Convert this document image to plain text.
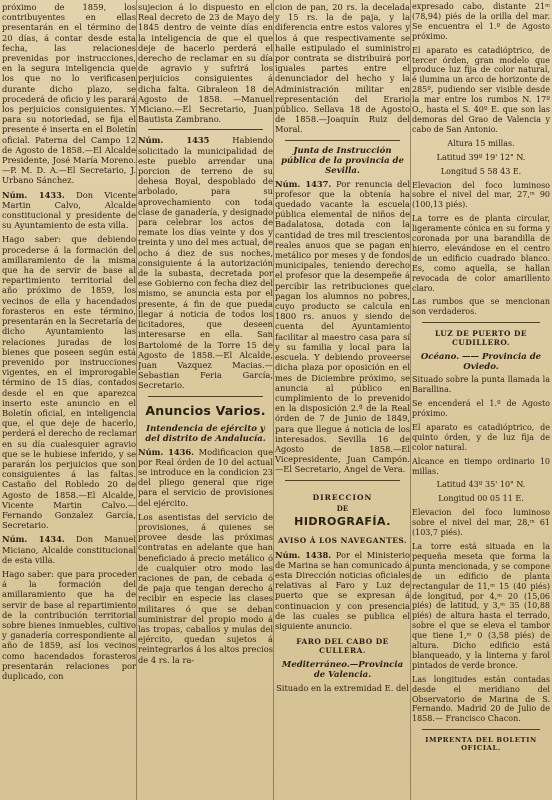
próximo de 1859, los contribuyentes en ellas presentarán en el término de 20 días, á contar desde esta fecha, las relaciones prevenidas por instrucciones, en la segura inteligencia que los que no lo verificasen durante dicho plazo, se procederá de oficio y les parará los perjuicios consiguientes. Y para su notoriedad, se fija el presente é inserta en el Boletín oficial. Paterna del Campo 12 de Agosto de 1858.—El Alcalde Presidente, José María Moreno.—P. M. D. A.—El Secretario, J. Urbano Sánchez.

Núm. 1433. Don Vicente Martin Calvo, Alcalde constitucional y presidente de su Ayuntamiento de esta villa.

Hago saber: que debiendo procederse á la formación del amillaramiento de la misma que ha de servir de base al repartimiento territorial del año próximo de 1859, los vecinos de ella y hacendados forasteros en este término, presentarán en la Secretaría de dicho Ayuntamiento las relaciones juradas de los bienes que poseen según está prevenido por instrucciones vigentes, en el improrogable término de 15 días, contados desde el en que aparezca inserto este anuncio en el Boletín oficial, en inteligencia que, el que deje de hacerlo, perderá el derecho de reclamar en su día cualesquier agravio que se le hubiese inferido, y se pararán los perjuicios que son consiguientes á las faltas. Castaño del Robledo 20 de Agosto de 1858.—El Alcalde, Vicente Martin Calvo.—Fernando Gonzalez García, Secretario.

Núm. 1434. Don Manuel Miciano, Alcalde constitucional de esta villa.

Hago saber: que para proceder á la formación del amillaramiento que ha de servir de base al repartimiento de la contribución territorial sobre bienes inmuebles, cultivo y ganadería correspondiente al año de 1859, así los vecinos como hacendados forasteros presentarán relaciones por duplicado, con

sujecion á lo dispuesto en el Real decreto de 23 de Mayo de 1845 dentro de veinte días en la inteligencia de que el que deje de hacerlo perderá el derecho de reclamar en su día de agravio y sufrirá los perjuicios consiguientes á dicha falta. Gibraleon 18 de Agosto de 1858. —Manuel Miciano.—El Secretario, Juan Bautista Zambrano.

Núm. 1435	Habiendo solicitado la municipalidad de este pueblo arrendar una porcion de terreno de su dehesa Boyal, despoblado de arbolado, para su aprovechamiento con toda clase de ganadería, y designado para celebrar los actos de remate los días veinte y dos y treinta y uno del mes actual, de ocho á diez de sus noches, consiguiente á la autorización de la subasta, decretada por ese Gobierno con fecha diez del mismo, se anuncia esta por el presente, á fin de que pueda llegar á noticia de todos los licitadores, que deseen interesarse en ella. San Bartolomé de la Torre 15 de Agosto de 1858.—El Alcalde, Juan Vazquez Macias.—Sebastian Feria García, Secretario.

Anuncios Varios.
Intendencia de ejército y del distrito de Andalucía.

Núm. 1436. Modificacion que por Real órden de 10 del actual se introduce en la condicion 23 del pliego general que rige para el servicio de provisiones del ejército.

Los asentistas del servicio de provisiones, á quienes se provee desde las próximas contratas en adelante que han beneficiado á precio metálico ó de cualquier otro modo las raciones de pan, de cebada ó de paja que tengan derecho á recibir en especie las clases militares ó que se deban suministrar del propio modo á las tropas, caballos y mulas del ejército, quedan sujetos á reintegrarlos á los altos precios de 4 rs. la ra-

cion de pan, 20 rs. la decelada y 15 rs. la de paja, y la diferencia entre estos valores y los á que respectivamente se halle estipulado el suministro por contrata se distribuirá por iguales partes entre el denunciador del hecho y la Administración militar en representación del Erario público. Sellava 18 de Agosto de 1858.—Joaquín Ruiz del Moral.

Junta de Instrucción pública de la provincia de Sevilla.

Núm. 1437. Por renuncia del profesor que la obtenía ha quedado vacante la escuela pública elemental de niños de Badalatosa, dotada con la cantidad de tres mil trescientos reales anuos que se pagan en metálico por meses y de fondos municipales, teniendo derecho el profesor que la desempeñe á percibir las retribuciones que pagan los alumnos no pobres, cuyo producto se calcula en 1800 rs. anuos y siendo de cuenta del Ayuntamiento facilitar al maestro casa para sí y su familia y local para la escuela. Y debiendo proveerse dicha plaza por oposición en el mes de Diciembre próximo, se anuncia al público en cumplimiento de lo prevenido en la disposición 2.ª de la Real órden de 7 de Junio de 1849, para que llegue á noticia de los interesados. Sevilla 16 de Agosto de 1858.—El Vicepresidente, Juan Campón.—El Secretario, Angel de Vera.

DIRECCION
DE
HIDROGRAFÍA.
AVISO Á LOS NAVEGANTES.

Núm. 1438. Por el Ministerio de Marina se han comunicado á esta Dirección noticias oficiales relativas al Faro y Luz de puerto que se expresan á continuacion y con presencia de las cuales se publica el siguiente anuncio.

FARO DEL CABO DE CULLERA.
Mediterráneo.—Provincia de Valencia.

Situado en la extremidad E. del

expresado cabo, distante 21ᵐ (78,94) piés de la orilla del mar. Se encuentra el 1.º de Agosto próximo.

El aparato es catadióptrico, de tercer órden, gran modelo que produce luz fija de color natural, é ilumina un arco de horizonte de 285º, pudiendo ser visible desde la mar entre los rumbos N. 17º O., hasta el S. 40º E. que son las demoras del Grao de Valencia y cabo de San Antonio.

Altura 15 millas.

Latitud 39º 19' 12" N.

Longitud 5 58 43 E.

Elevacion del foco luminoso sobre el nivel del mar, 27,ᵐ 90 (100,13 piés).

La torre es de planta circular, ligeramente cónica en su forma y coronada por una barandilla de hierro, elevándose en el centro de un edificio cuadrado blanco. Es, como aquella, se hallan revocada de color amarillento claro.

Las rumbos que se mencionan son verdaderos.

LUZ DE PUERTO DE CUDILLERO.
Océano. —— Provincia de Oviedo.

Situado sobre la punta llamada la Barallina.

Se encenderá el 1.º de Agosto próximo.

El aparato es catadióptrico, de quinto órden, y de luz fija de color natural.

Alcance en tiempo ordinario 10 millas.

Latitud 43º 35' 10" N.

Longitud 00 05 11 E.

Elevacion del foco luminoso sobre el nivel del mar, 28,ᵐ 61 (103,7 piés).

La torre está situada en la pequeña meseta que forma la punta mencionada, y se compone de un edificio de planta rectangular de 11,ᵐ 15 (40 piés) de longitud, por 4,ᵐ 20 (15,06 piés) de latitud, y 3,ᵐ 35 (10,88 piés) de altura hasta el terrado, sobre el que se eleva el tambor que tiene 1,ᵐ 0 (3,58 piés) de altura. Dicho edificio está blanqueado, y la linterna y farol pintados de verde bronce.

Las longitudes están contadas desde el meridiano del Observatorio de Marina de S. Fernando. Madrid 20 de Julio de 1858.— Francisco Chacon.

IMPRENTA DEL BOLETIN OFICIAL.
